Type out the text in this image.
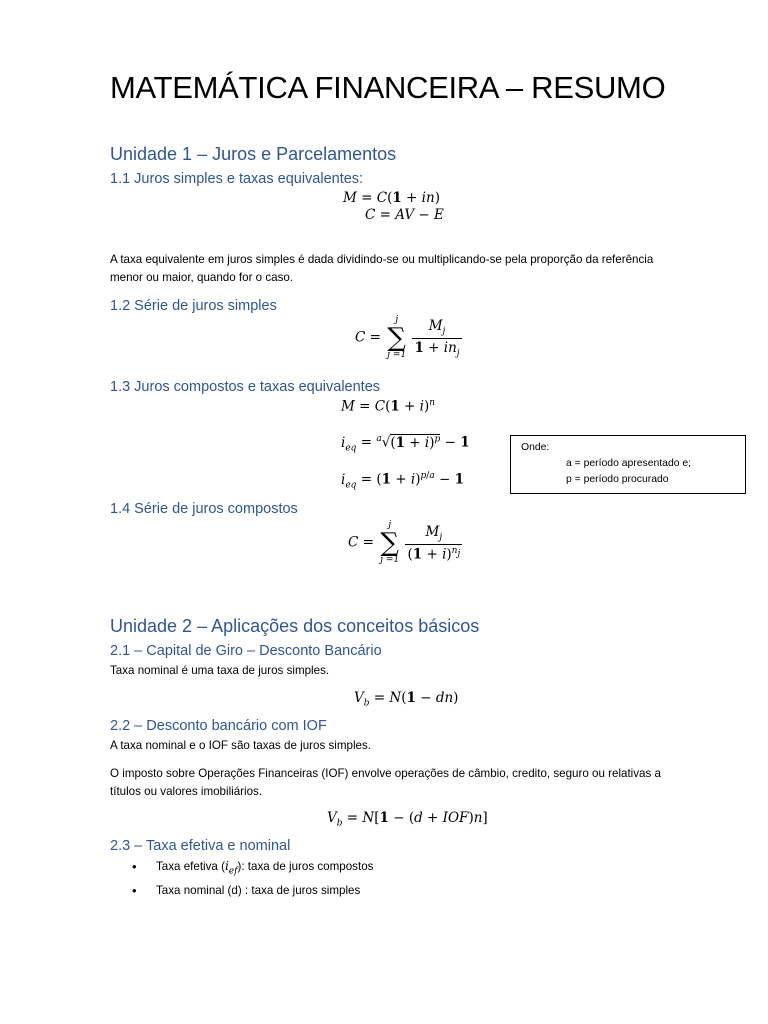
MATEMÁTICA FINANCEIRA – RESUMO
Unidade 1 – Juros e Parcelamentos
1.1 Juros simples e taxas equivalentes:
M = C(1 + in)
C = AV − E
A taxa equivalente em juros simples é dada dividindo-se ou multiplicando-se pela proporção da referência menor ou maior, quando for o caso.
1.2 Série de juros simples
C =
j
∑
j =1
$\frac{M_j}{1 + in_j}$
1.3 Juros compostos e taxas equivalentes
$M = C(1 + i)^n$
$i_{eq} = ^a√(1 + i)^p - 1$
$i_{eq} = (1 + i)^{p/a} - 1$
Onde:
a = período apresentado e;
p = período procurado
1.4 Série de juros compostos
C =
j
∑
j =1
$\frac{M_j}{(1 + i)^{n_j}}$
Unidade 2 – Aplicações dos conceitos básicos
2.1 – Capital de Giro – Desconto Bancário
Taxa nominal é uma taxa de juros simples.
$V_b = N(1 - dn)$
2.2 – Desconto bancário com IOF
A taxa nominal e o IOF são taxas de juros simples.
O imposto sobre Operações Financeiras (IOF) envolve operações de câmbio, credito, seguro ou relativas a títulos ou valores imobiliários.
$V_b = N[1 - (d + IOF)n]$
2.3 – Taxa efetiva e nominal
• Taxa efetiva $(i_{ef})$: taxa de juros compostos
• Taxa nominal (d) : taxa de juros simples
